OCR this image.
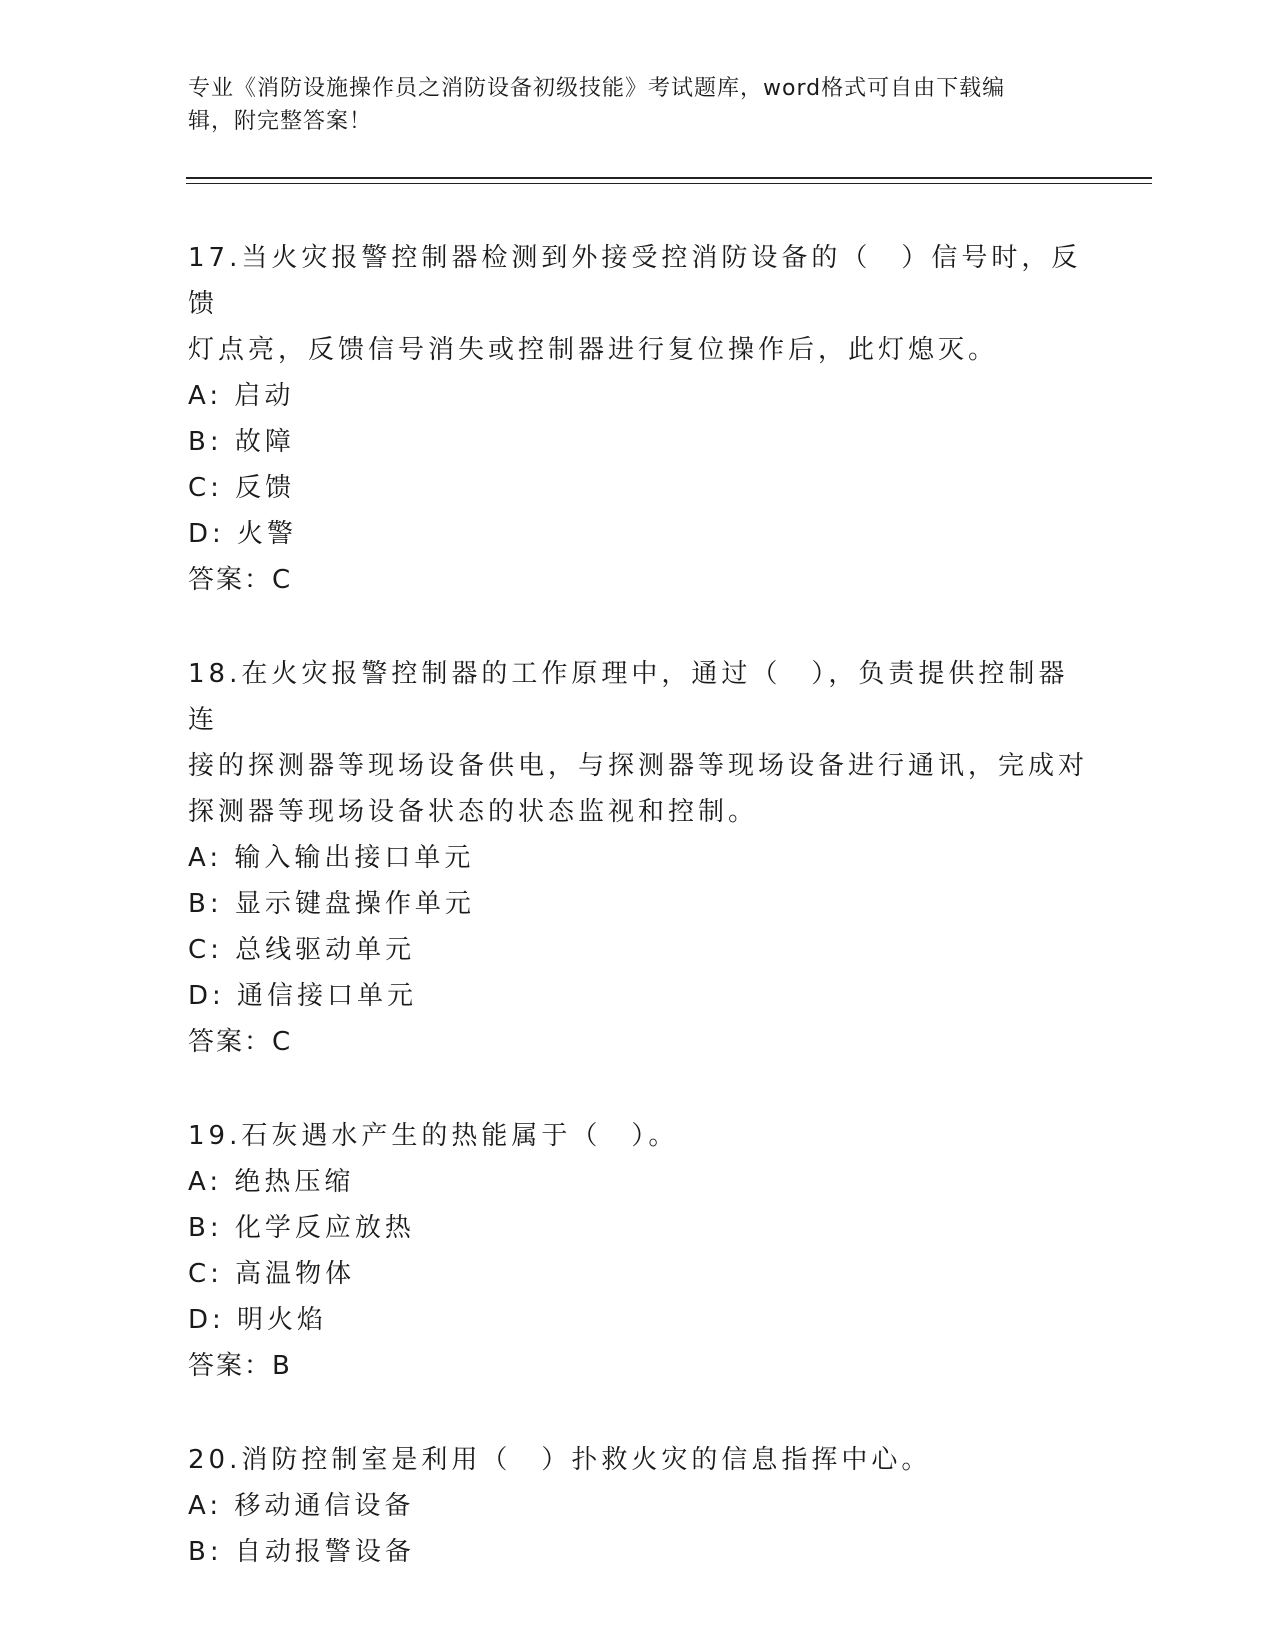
专业《消防设施操作员之消防设备初级技能》考试题库，word格式可自由下载编
辑，附完整答案！
17.当火灾报警控制器检测到外接受控消防设备的（　）信号时，反馈
灯点亮，反馈信号消失或控制器进行复位操作后，此灯熄灭。
A: 启动
B: 故障
C: 反馈
D: 火警
答案：C
18.在火灾报警控制器的工作原理中，通过（　），负责提供控制器连
接的探测器等现场设备供电，与探测器等现场设备进行通讯，完成对
探测器等现场设备状态的状态监视和控制。
A: 输入输出接口单元
B: 显示键盘操作单元
C: 总线驱动单元
D: 通信接口单元
答案：C
19.石灰遇水产生的热能属于（　）。
A: 绝热压缩
B: 化学反应放热
C: 高温物体
D: 明火焰
答案：B
20.消防控制室是利用（　）扑救火灾的信息指挥中心。
A: 移动通信设备
B: 自动报警设备
